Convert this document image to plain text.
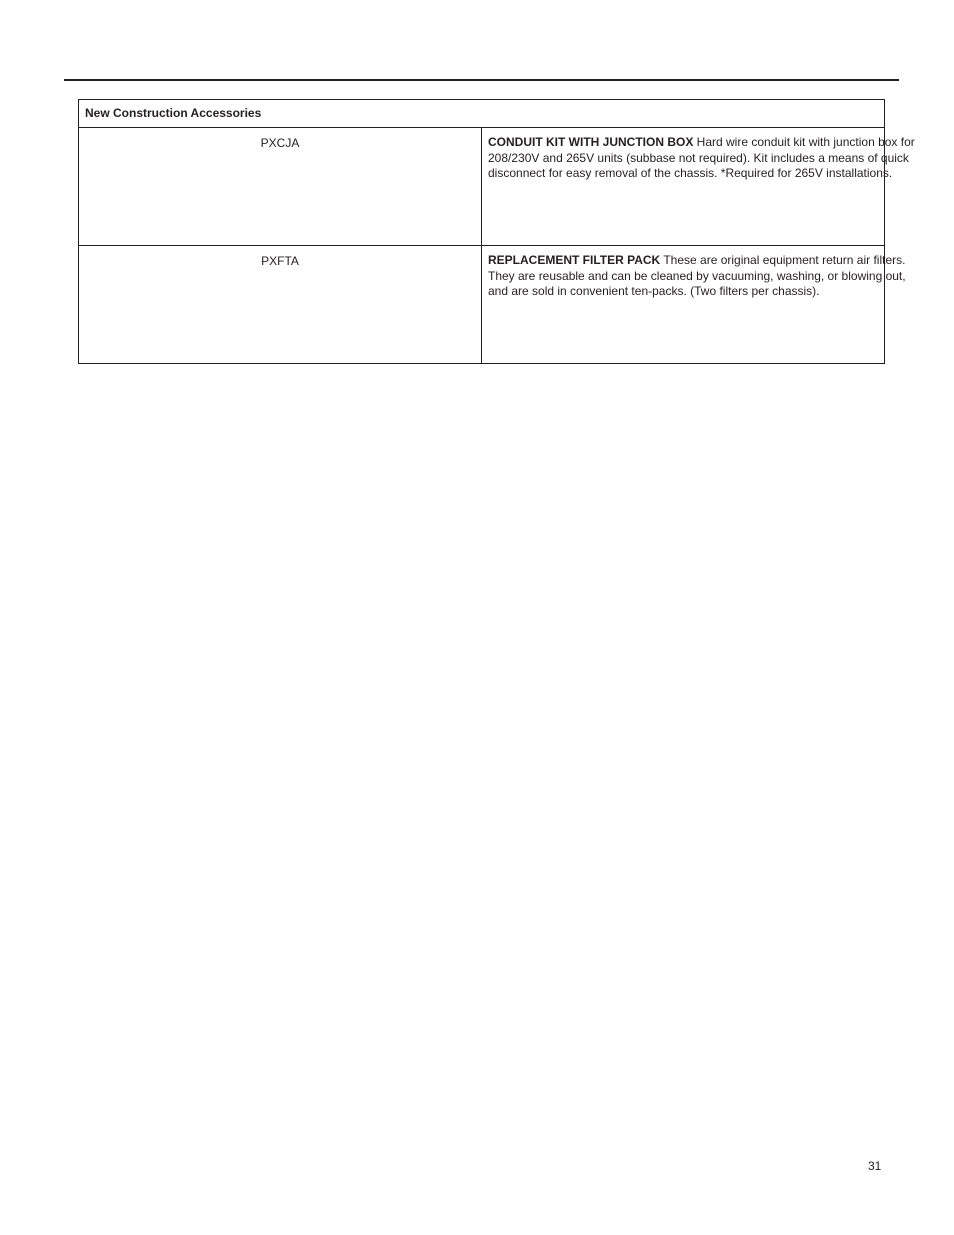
New Construction Accessories	
PXCJA	CONDUIT KIT WITH JUNCTION BOX Hard wire conduit kit with junction box for 208/230V and 265V units (subbase not required). Kit includes a means of quick disconnect for easy removal of the chassis. *Required for 265V installations.

PXFTA	REPLACEMENT FILTER PACK These are original equipment return air filters. They are reusable and can be cleaned by vacuuming, washing, or blowing out, and are sold in convenient ten-packs. (Two filters per chassis).
31
